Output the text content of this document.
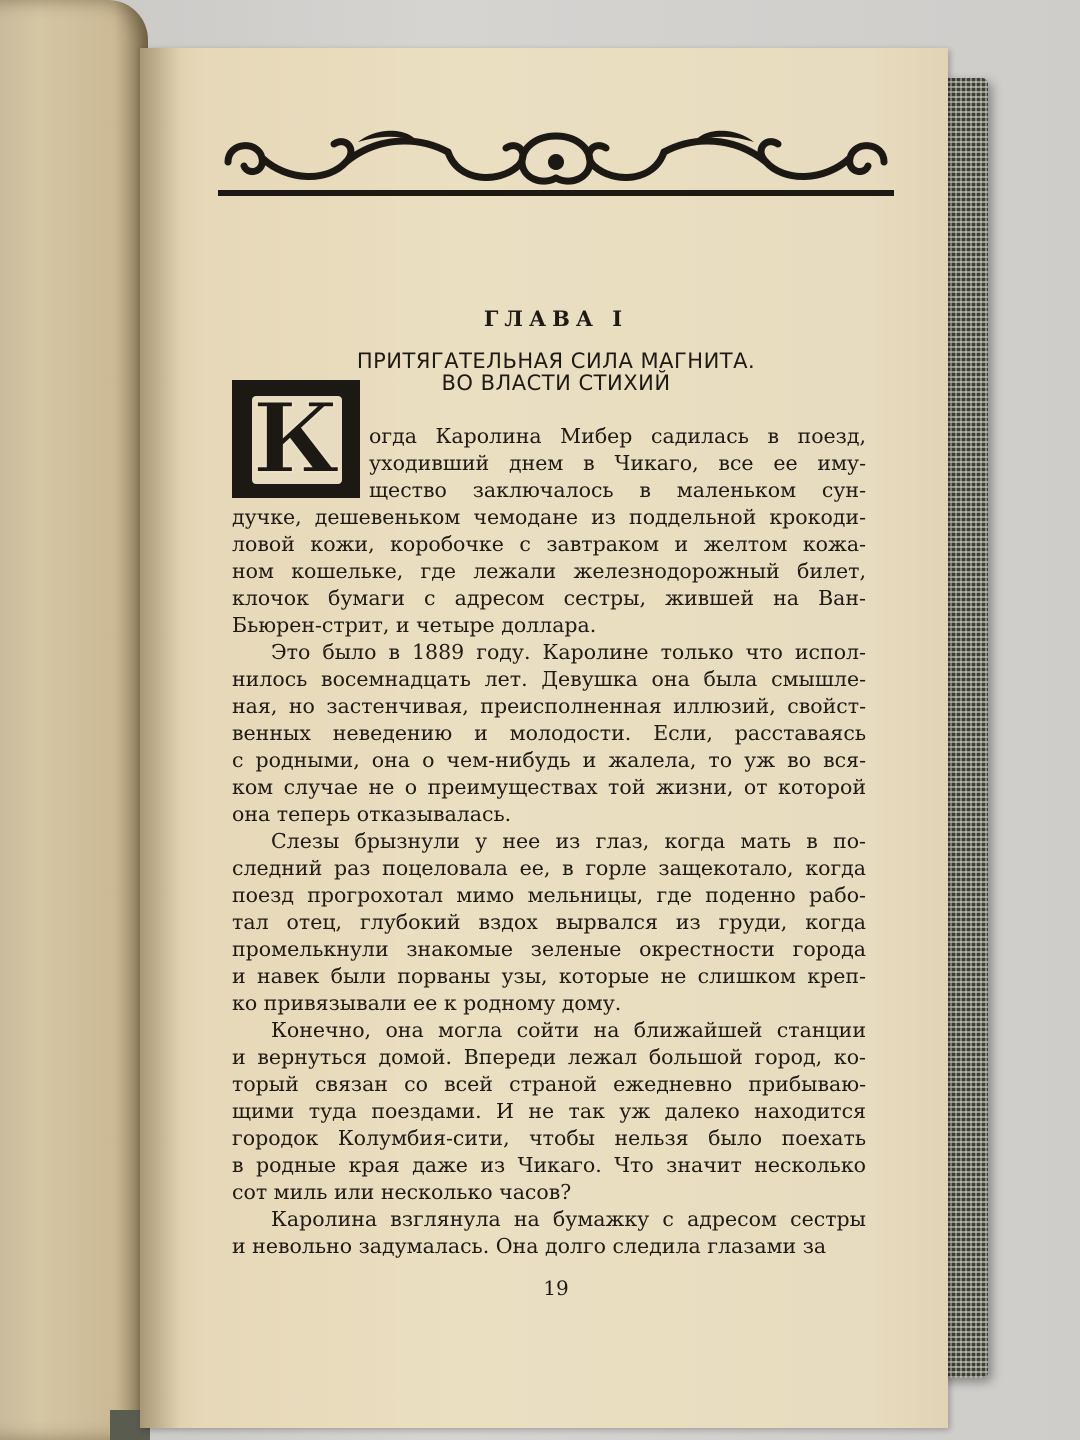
ГЛАВА I
ПРИТЯГАТЕЛЬНАЯ СИЛА МАГНИТА.
ВО ВЛАСТИ СТИХИЙ
К	огда Каролина Мибер садилась в поезд,
уходивший днем в Чикаго, все ее иму-
щество заключалось в маленьком сун-
дучке, дешевеньком чемодане из поддельной крокоди-
ловой кожи, коробочке с завтраком и желтом кожа-
ном кошельке, где лежали железнодорожный билет,
клочок бумаги с адресом сестры, жившей на Ван-
Бьюрен-стрит, и четыре доллара.
Это было в 1889 году. Каролине только что испол-
нилось восемнадцать лет. Девушка она была смышле-
ная, но застенчивая, преисполненная иллюзий, свойст-
венных неведению и молодости. Если, расставаясь
с родными, она о чем-нибудь и жалела, то уж во вся-
ком случае не о преимуществах той жизни, от которой
она теперь отказывалась.
Слезы брызнули у нее из глаз, когда мать в по-
следний раз поцеловала ее, в горле защекотало, когда
поезд прогрохотал мимо мельницы, где поденно рабо-
тал отец, глубокий вздох вырвался из груди, когда
промелькнули знакомые зеленые окрестности города
и навек были порваны узы, которые не слишком креп-
ко привязывали ее к родному дому.
Конечно, она могла сойти на ближайшей станции
и вернуться домой. Впереди лежал большой город, ко-
торый связан со всей страной ежедневно прибываю-
щими туда поездами. И не так уж далеко находится
городок Колумбия-сити, чтобы нельзя было поехать
в родные края даже из Чикаго. Что значит несколько
сот миль или несколько часов?
Каролина взглянула на бумажку с адресом сестры
и невольно задумалась. Она долго следила глазами за
19
